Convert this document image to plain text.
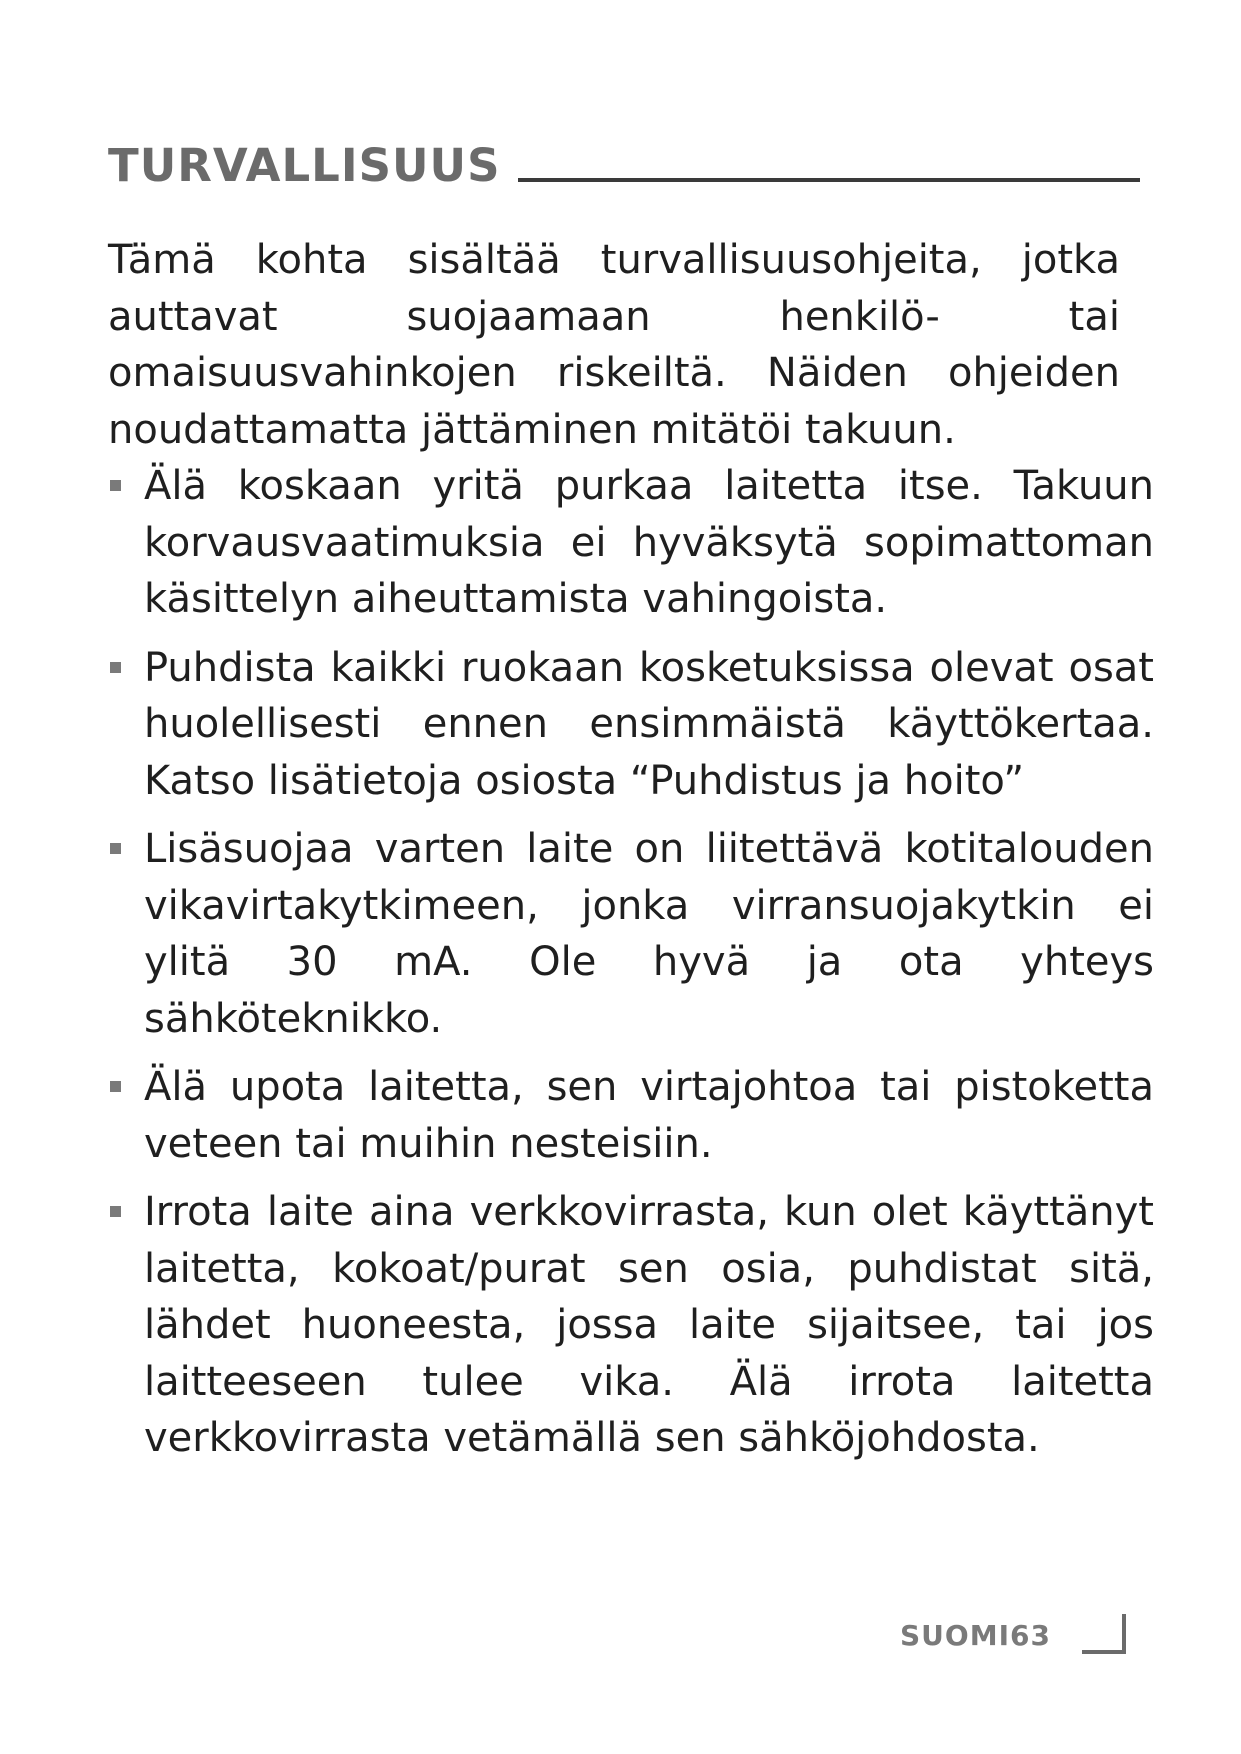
TURVALLISUUS

Tämä kohta sisältää turvallisuusohjeita, jotka auttavat suojaamaan henkilö- tai omaisuusvahinkojen riskeiltä. Näiden ohjeiden noudattamatta jättäminen mitätöi takuun.

Älä koskaan yritä purkaa laitetta itse. Takuun korvausvaatimuksia ei hyväksytä sopimattoman käsittelyn aiheuttamista vahingoista.
Puhdista kaikki ruokaan kosketuksissa olevat osat huolellisesti ennen ensimmäistä käyttökertaa. Katso lisätietoja osiosta “Puhdistus ja hoito”
Lisäsuojaa varten laite on liitettävä kotitalouden vikavirtakytkimeen, jonka virransuojakytkin ei ylitä 30 mA. Ole hyvä ja ota yhteys sähköteknikko.
Älä upota laitetta, sen virtajohtoa tai pistoketta veteen tai muihin nesteisiin.
Irrota laite aina verkkovirrasta, kun olet käyttänyt laitetta, kokoat/purat sen osia, puhdistat sitä, lähdet huoneesta, jossa laite sijaitsee, tai jos laitteeseen tulee vika. Älä irrota laitetta verkkovirrasta vetämällä sen sähköjohdosta.
SUOMI63
